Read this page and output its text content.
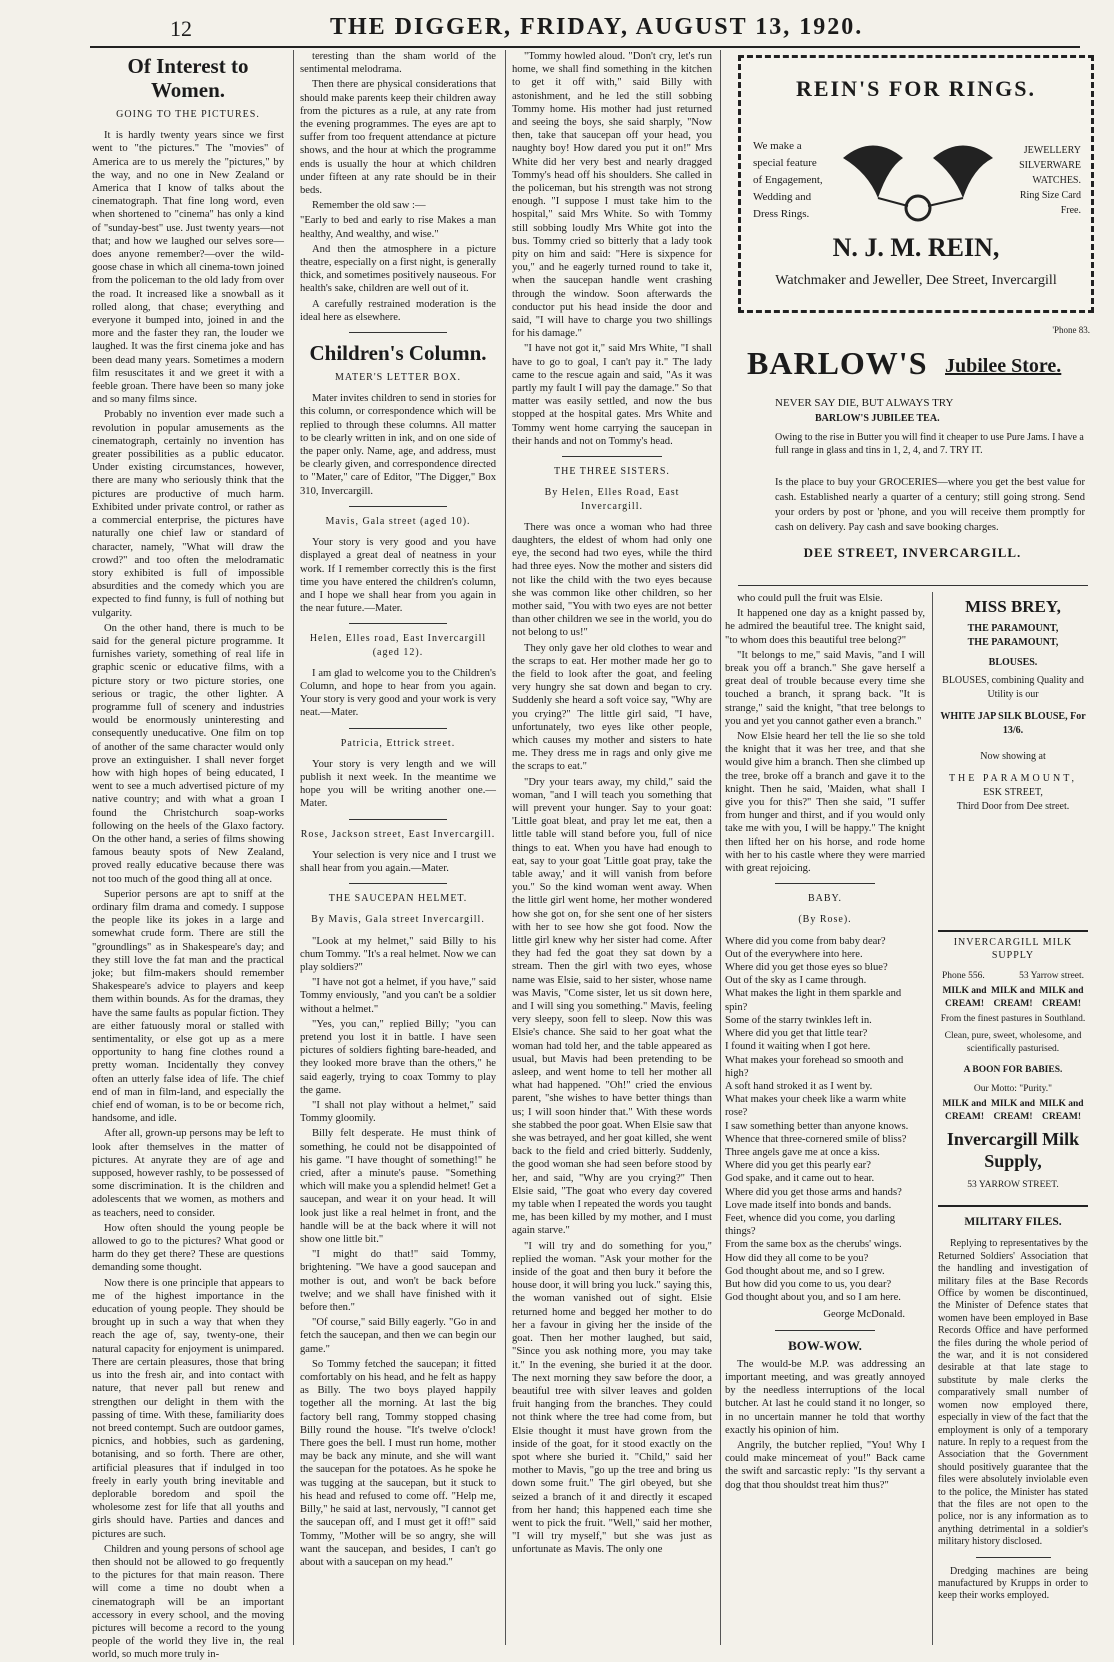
12	THE DIGGER, FRIDAY, AUGUST 13, 1920.
Of Interest to Women.
GOING TO THE PICTURES.

It is hardly twenty years since we first went to "the pictures." The "movies" of America are to us merely the "pictures," by the way, and no one in New Zealand or America that I know of talks about the cinematograph. That fine long word, even when shortened to "cinema" has only a kind of "sunday-best" use. Just twenty years—not that; and how we laughed our selves sore—does anyone remember?—over the wild-goose chase in which all cinema-town joined from the policeman to the old lady from over the road. It increased like a snowball as it rolled along, that chase; everything and everyone it bumped into, joined in and the more and the faster they ran, the louder we laughed. It was the first cinema joke and has been dead many years. Sometimes a modern film resuscitates it and we greet it with a feeble groan. There have been so many joke and so many films since.

Probably no invention ever made such a revolution in popular amusements as the cinematograph, certainly no invention has greater possibilities as a public educator. Under existing circumstances, however, there are many who seriously think that the pictures are productive of much harm. Exhibited under private control, or rather as a commercial enterprise, the pictures have naturally one chief law or standard of character, namely, "What will draw the crowd?" and too often the melodramatic story exhibited is full of impossible absurdities and the comedy which you are expected to find funny, is full of nothing but vulgarity.

On the other hand, there is much to be said for the general picture programme. It furnishes variety, something of real life in graphic scenic or educative films, with a picture story or two picture stories, one serious or tragic, the other lighter. A programme full of scenery and industries would be enormously uninteresting and consequently uneducative. One film on top of another of the same character would only prove an extinguisher. I shall never forget how with high hopes of being educated, I went to see a much advertised picture of my native country; and with what a groan I found the Christchurch soap-works following on the heels of the Glaxo factory. On the other hand, a series of films showing famous beauty spots of New Zealand, proved really educative because there was not too much of the good thing all at once.

Superior persons are apt to sniff at the ordinary film drama and comedy. I suppose the people like its jokes in a large and somewhat crude form. There are still the "groundlings" as in Shakespeare's day; and they still love the fat man and the practical joke; but film-makers should remember Shakespeare's advice to players and keep them within bounds. As for the dramas, they have the same faults as popular fiction. They are either fatuously moral or stalled with sentimentality, or else got up as a mere opportunity to hang fine clothes round a pretty woman. Incidentally they convey often an utterly false idea of life. The chief end of man in film-land, and especially the chief end of woman, is to be or become rich, handsome, and idle.

After all, grown-up persons may be left to look after themselves in the matter of pictures. At anyrate they are of age and supposed, however rashly, to be possessed of some discrimination. It is the children and adolescents that we women, as mothers and as teachers, need to consider.

How often should the young people be allowed to go to the pictures? What good or harm do they get there? These are questions demanding some thought.

Now there is one principle that appears to me of the highest importance in the education of young people. They should be brought up in such a way that when they reach the age of, say, twenty-one, their natural capacity for enjoyment is unimpared. There are certain pleasures, those that bring us into the fresh air, and into contact with nature, that never pall but renew and strengthen our delight in them with the passing of time. With these, familiarity does not breed contempt. Such are outdoor games, picnics, and hobbies, such as gardening, botanising, and so forth. There are other, artificial pleasures that if indulged in too freely in early youth bring inevitable and deplorable boredom and spoil the wholesome zest for life that all youths and girls should have. Parties and dances and pictures are such.

Children and young persons of school age then should not be allowed to go frequently to the pictures for that main reason. There will come a time no doubt when a cinematograph will be an important accessory in every school, and the moving pictures will become a record to the young people of the world they live in, the real world, so much more truly in-

teresting than the sham world of the sentimental melodrama.

Then there are physical considerations that should make parents keep their children away from the pictures as a rule, at any rate from the evening programmes. The eyes are apt to suffer from too frequent attendance at picture shows, and the hour at which the programme ends is usually the hour at which children under fifteen at any rate should be in their beds.

Remember the old saw :—

"Early to bed and early to rise Makes a man healthy, And wealthy, and wise."

And then the atmosphere in a picture theatre, especially on a first night, is generally thick, and sometimes positively nauseous. For health's sake, children are well out of it.

A carefully restrained moderation is the ideal here as elsewhere.

Children's Column.
MATER'S LETTER BOX.

Mater invites children to send in stories for this column, or correspondence which will be replied to through these columns. All matter to be clearly written in ink, and on one side of the paper only. Name, age, and address, must be clearly given, and correspondence directed to "Mater," care of Editor, "The Digger," Box 310, Invercargill.

Mavis, Gala street (aged 10).

Your story is very good and you have displayed a great deal of neatness in your work. If I remember correctly this is the first time you have entered the children's column, and I hope we shall hear from you again in the near future.—Mater.

Helen, Elles road, East Invercargill (aged 12).

I am glad to welcome you to the Children's Column, and hope to hear from you again. Your story is very good and your work is very neat.—Mater.

Patricia, Ettrick street.

Your story is very length and we will publish it next week. In the meantime we hope you will be writing another one.—Mater.

Rose, Jackson street, East Invercargill.

Your selection is very nice and I trust we shall hear from you again.—Mater.

THE SAUCEPAN HELMET.
By Mavis, Gala street Invercargill.

"Look at my helmet," said Billy to his chum Tommy. "It's a real helmet. Now we can play soldiers?"

"I have not got a helmet, if you have," said Tommy enviously, "and you can't be a soldier without a helmet."

"Yes, you can," replied Billy; "you can pretend you lost it in battle. I have seen pictures of soldiers fighting bare-headed, and they looked more brave than the others," he said eagerly, trying to coax Tommy to play the game.

"I shall not play without a helmet," said Tommy gloomily.

Billy felt desperate. He must think of something, he could not be disappointed of his game. "I have thought of something!" he cried, after a minute's pause. "Something which will make you a splendid helmet! Get a saucepan, and wear it on your head. It will look just like a real helmet in front, and the handle will be at the back where it will not show one little bit."

"I might do that!" said Tommy, brightening. "We have a good saucepan and mother is out, and won't be back before twelve; and we shall have finished with it before then."

"Of course," said Billy eagerly. "Go in and fetch the saucepan, and then we can begin our game."

So Tommy fetched the saucepan; it fitted comfortably on his head, and he felt as happy as Billy. The two boys played happily together all the morning. At last the big factory bell rang, Tommy stopped chasing Billy round the house. "It's twelve o'clock! There goes the bell. I must run home, mother may be back any minute, and she will want the saucepan for the potatoes. As he spoke he was tugging at the saucepan, but it stuck to his head and refused to come off. "Help me, Billy," he said at last, nervously, "I cannot get the saucepan off, and I must get it off!" said Tommy, "Mother will be so angry, she will want the saucepan, and besides, I can't go about with a saucepan on my head."

"Tommy howled aloud. "Don't cry, let's run home, we shall find something in the kitchen to get it off with," said Billy with astonishment, and he led the still sobbing Tommy home. His mother had just returned and seeing the boys, she said sharply, "Now then, take that saucepan off your head, you naughty boy! How dared you put it on!" Mrs White did her very best and nearly dragged Tommy's head off his shoulders. She called in the policeman, but his strength was not strong enough. "I suppose I must take him to the hospital," said Mrs White. So with Tommy still sobbing loudly Mrs White got into the bus. Tommy cried so bitterly that a lady took pity on him and said: "Here is sixpence for you," and he eagerly turned round to take it, when the saucepan handle went crashing through the window. Soon afterwards the conductor put his head inside the door and said, "I will have to charge you two shillings for his damage."

"I have not got it," said Mrs White, "I shall have to go to goal, I can't pay it." The lady came to the rescue again and said, "As it was partly my fault I will pay the damage." So that matter was easily settled, and now the bus stopped at the hospital gates. Mrs White and Tommy went home carrying the saucepan in their hands and not on Tommy's head.

THE THREE SISTERS.
By Helen, Elles Road, East Invercargill.

There was once a woman who had three daughters, the eldest of whom had only one eye, the second had two eyes, while the third had three eyes. Now the mother and sisters did not like the child with the two eyes because she was common like other children, so her mother said, "You with two eyes are not better than other children we see in the world, you do not belong to us!"

They only gave her old clothes to wear and the scraps to eat. Her mother made her go to the field to look after the goat, and feeling very hungry she sat down and began to cry. Suddenly she heard a soft voice say, "Why are you crying?" The little girl said, "I have, unfortunately, two eyes like other people, which causes my mother and sisters to hate me. They dress me in rags and only give me the scraps to eat."

"Dry your tears away, my child," said the woman, "and I will teach you something that will prevent your hunger. Say to your goat: 'Little goat bleat, and pray let me eat, then a little table will stand before you, full of nice things to eat. When you have had enough to eat, say to your goat 'Little goat pray, take the table away,' and it will vanish from before you." So the kind woman went away. When the little girl went home, her mother wondered how she got on, for she sent one of her sisters with her to see how she got food. Now the little girl knew why her sister had come. After they had fed the goat they sat down by a stream. Then the girl with two eyes, whose name was Elsie, said to her sister, whose name was Mavis, "Come sister, let us sit down here, and I will sing you something." Mavis, feeling very sleepy, soon fell to sleep. Now this was Elsie's chance. She said to her goat what the woman had told her, and the table appeared as usual, but Mavis had been pretending to be asleep, and went home to tell her mother all what had happened. "Oh!" cried the envious parent, "she wishes to have better things than us; I will soon hinder that." With these words she stabbed the poor goat. When Elsie saw that she was betrayed, and her goat killed, she went back to the field and cried bitterly. Suddenly, the good woman she had seen before stood by her, and said, "Why are you crying?" Then Elsie said, "The goat who every day covered my table when I repeated the words you taught me, has been killed by my mother, and I must again starve."

"I will try and do something for you," replied the woman. "Ask your mother for the inside of the goat and then bury it before the house door, it will bring you luck." saying this, the woman vanished out of sight. Elsie returned home and begged her mother to do her a favour in giving her the inside of the goat. Then her mother laughed, but said, "Since you ask nothing more, you may take it." In the evening, she buried it at the door. The next morning they saw before the door, a beautiful tree with silver leaves and golden fruit hanging from the branches. They could not think where the tree had come from, but Elsie thought it must have grown from the inside of the goat, for it stood exactly on the spot where she buried it. "Child," said her mother to Mavis, "go up the tree and bring us down some fruit." The girl obeyed, but she seized a branch of it and directly it escaped from her hand; this happened each time she went to pick the fruit. "Well," said her mother, "I will try myself," but she was just as unfortunate as Mavis. The only one

REIN'S FOR RINGS.
We make a special feature of Engagement, Wedding and Dress Rings.
JEWELLERY SILVERWARE WATCHES. Ring Size Card Free.
N. J. M. REIN,
Watchmaker and Jeweller, Dee Street, Invercargill
'Phone 83.
BARLOW'S Jubilee Store.
NEVER SAY DIE, BUT ALWAYS TRY
BARLOW'S JUBILEE TEA.
Owing to the rise in Butter you will find it cheaper to use Pure Jams. I have a full range in glass and tins in 1, 2, 4, and 7. TRY IT.
Is the place to buy your GROCERIES—where you get the best value for cash. Established nearly a quarter of a century; still going strong. Send your orders by post or 'phone, and you will receive them promptly for cash on delivery. Pay cash and save booking charges.
DEE STREET, INVERCARGILL.

who could pull the fruit was Elsie.

It happened one day as a knight passed by, he admired the beautiful tree. The knight said, "to whom does this beautiful tree belong?"

"It belongs to me," said Mavis, "and I will break you off a branch." She gave herself a great deal of trouble because every time she touched a branch, it sprang back. "It is strange," said the knight, "that tree belongs to you and yet you cannot gather even a branch."

Now Elsie heard her tell the lie so she told the knight that it was her tree, and that she would give him a branch. Then she climbed up the tree, broke off a branch and gave it to the knight. Then he said, 'Maiden, what shall I give you for this?" Then she said, "I suffer from hunger and thirst, and if you would only take me with you, I will be happy." The knight then lifted her on his horse, and rode home with her to his castle where they were married with great rejoicing.

BABY.
(By Rose).
Where did you come from baby dear?
Out of the everywhere into here.
Where did you get those eyes so blue?
Out of the sky as I came through.
What makes the light in them sparkle and spin?
Some of the starry twinkles left in.
Where did you get that little tear?
I found it waiting when I got here.
What makes your forehead so smooth and high?
A soft hand stroked it as I went by.
What makes your cheek like a warm white rose?
I saw something better than anyone knows.
Whence that three-cornered smile of bliss?
Three angels gave me at once a kiss.
Where did you get this pearly ear?
God spake, and it came out to hear.
Where did you get those arms and hands?
Love made itself into bonds and bands.
Feet, whence did you come, you darling things?
From the same box as the cherubs' wings.
How did they all come to be you?
God thought about me, and so I grew.
But how did you come to us, you dear?
God thought about you, and so I am here.
George McDonald.
BOW-WOW.

The would-be M.P. was addressing an important meeting, and was greatly annoyed by the needless interruptions of the local butcher. At last he could stand it no longer, so in no uncertain manner he told that worthy exactly his opinion of him.

Angrily, the butcher replied, "You! Why I could make mincemeat of you!" Back came the swift and sarcastic reply: "Is thy servant a dog that thou shouldst treat him thus?"

MISS BREY,
THE PARAMOUNT,
THE PARAMOUNT,
BLOUSES.
BLOUSES, combining Quality and Utility is our
WHITE JAP SILK BLOUSE, For 13/6.
Now showing at
THE PARAMOUNT,
ESK STREET,
Third Door from Dee street.
INVERCARGILL MILK SUPPLY
Phone 556.	53 Yarrow street.
MILK and CREAM!
MILK and CREAM!
MILK and CREAM!
From the finest pastures in Southland.
Clean, pure, sweet, wholesome, and scientifically pasturised.
A BOON FOR BABIES.
Our Motto: "Purity."
MILK and CREAM!
MILK and CREAM!
MILK and CREAM!
Invercargill Milk Supply,
53 YARROW STREET.
MILITARY FILES.

Replying to representatives by the Returned Soldiers' Association that the handling and investigation of military files at the Base Records Office by women be discontinued, the Minister of Defence states that women have been employed in Base Records Office and have performed the files during the whole period of the war, and it is not considered desirable at that late stage to substitute by male clerks the comparatively small number of women now employed there, especially in view of the fact that the employment is only of a temporary nature. In reply to a request from the Association that the Government should positively guarantee that the files were absolutely inviolable even to the police, the Minister has stated that the files are not open to the police, nor is any information as to anything detrimental in a soldier's military history disclosed.

Dredging machines are being manufactured by Krupps in order to keep their works employed.
